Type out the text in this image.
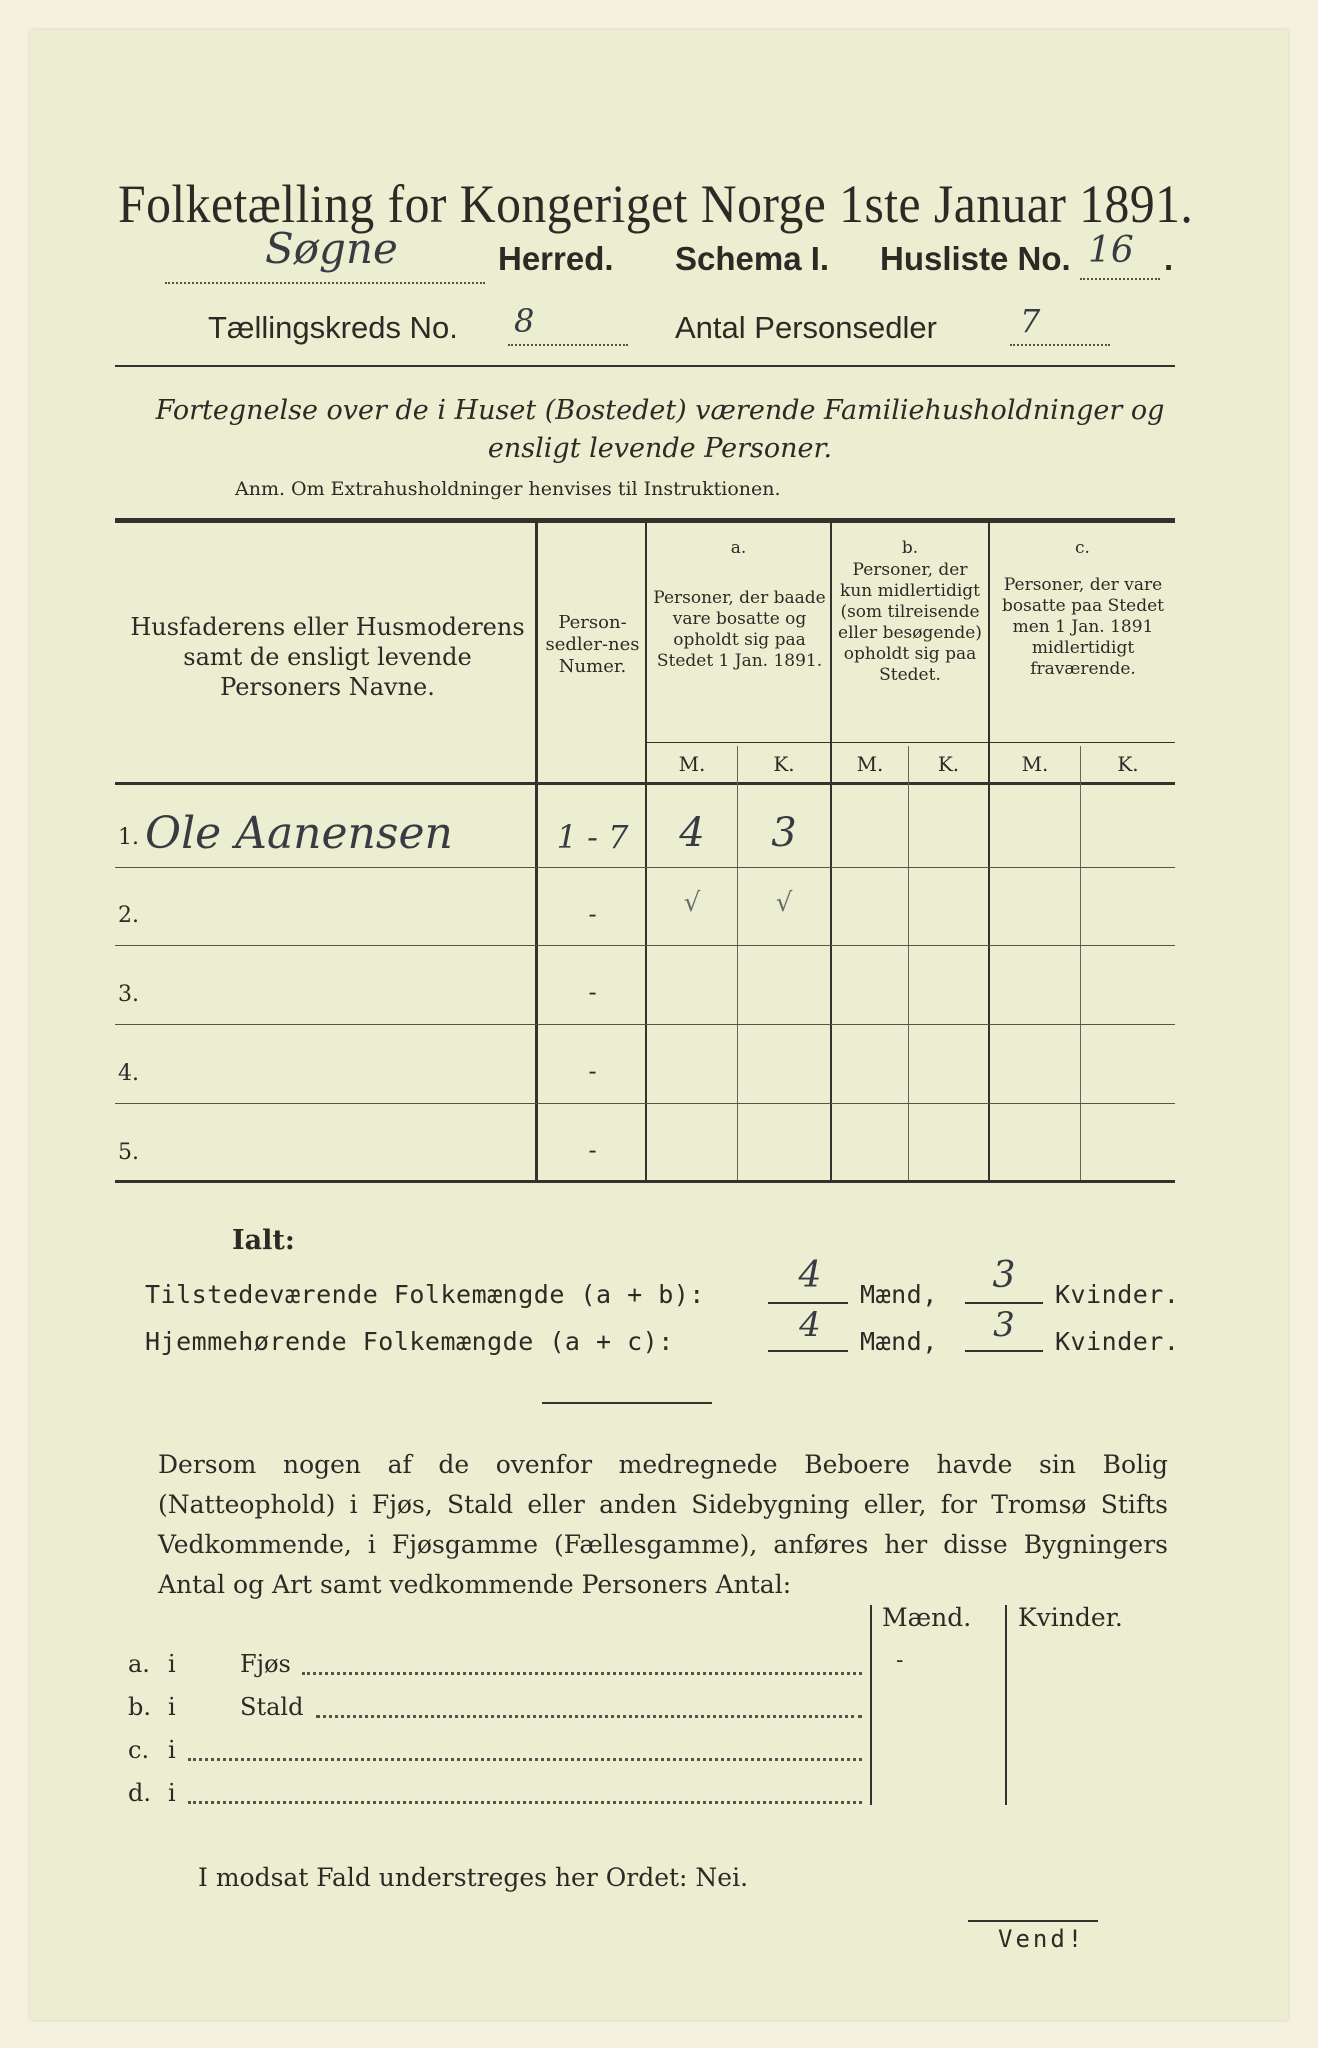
Folketælling for Kongeriget Norge 1ste Januar 1891.
Søgne	Herred. Schema I. Husliste No. 16 .
Tællingskreds No. 8	Antal Personsedler	7
Fortegnelse over de i Huset (Bostedet) værende Familiehusholdninger og ensligt levende Personer.
Anm. Om Extrahusholdninger henvises til Instruktionen.
Husfaderens eller Husmoderens samt de ensligt levende Personers Navne.
Person-sedler-nes Numer.
a.
Personer, der baade vare bosatte og opholdt sig paa Stedet 1 Jan. 1891.
b.
Personer, der kun midlertidigt (som tilreisende eller besøgende) opholdt sig paa Stedet.
c.
Personer, der vare bosatte paa Stedet men 1 Jan. 1891 midlertidigt fraværende.
M.	K.	M.	K.	M.	K.
1. Ole Aanensen	1 - 7	4	3
2.	-	√	√
3.	-
4.	-
5.	-
Ialt:
Tilstedeværende Folkemængde (a + b):	4	Mænd,	3	Kvinder.
Hjemmehørende Folkemængde (a + c):	4	Mænd,	3	Kvinder.
Dersom nogen af de ovenfor medregnede Beboere havde sin Bolig (Natteophold) i Fjøs, Stald eller anden Sidebygning eller, for Tromsø Stifts Vedkommende, i Fjøsgamme (Fællesgamme), anføres her disse Bygningers Antal og Art samt vedkommende Personers Antal:
Mænd. Kvinder.
a. i	Fjøs	-
b. i	Stald
c. i
d. i
I modsat Fald understreges her Ordet: Nei.
Vend!
